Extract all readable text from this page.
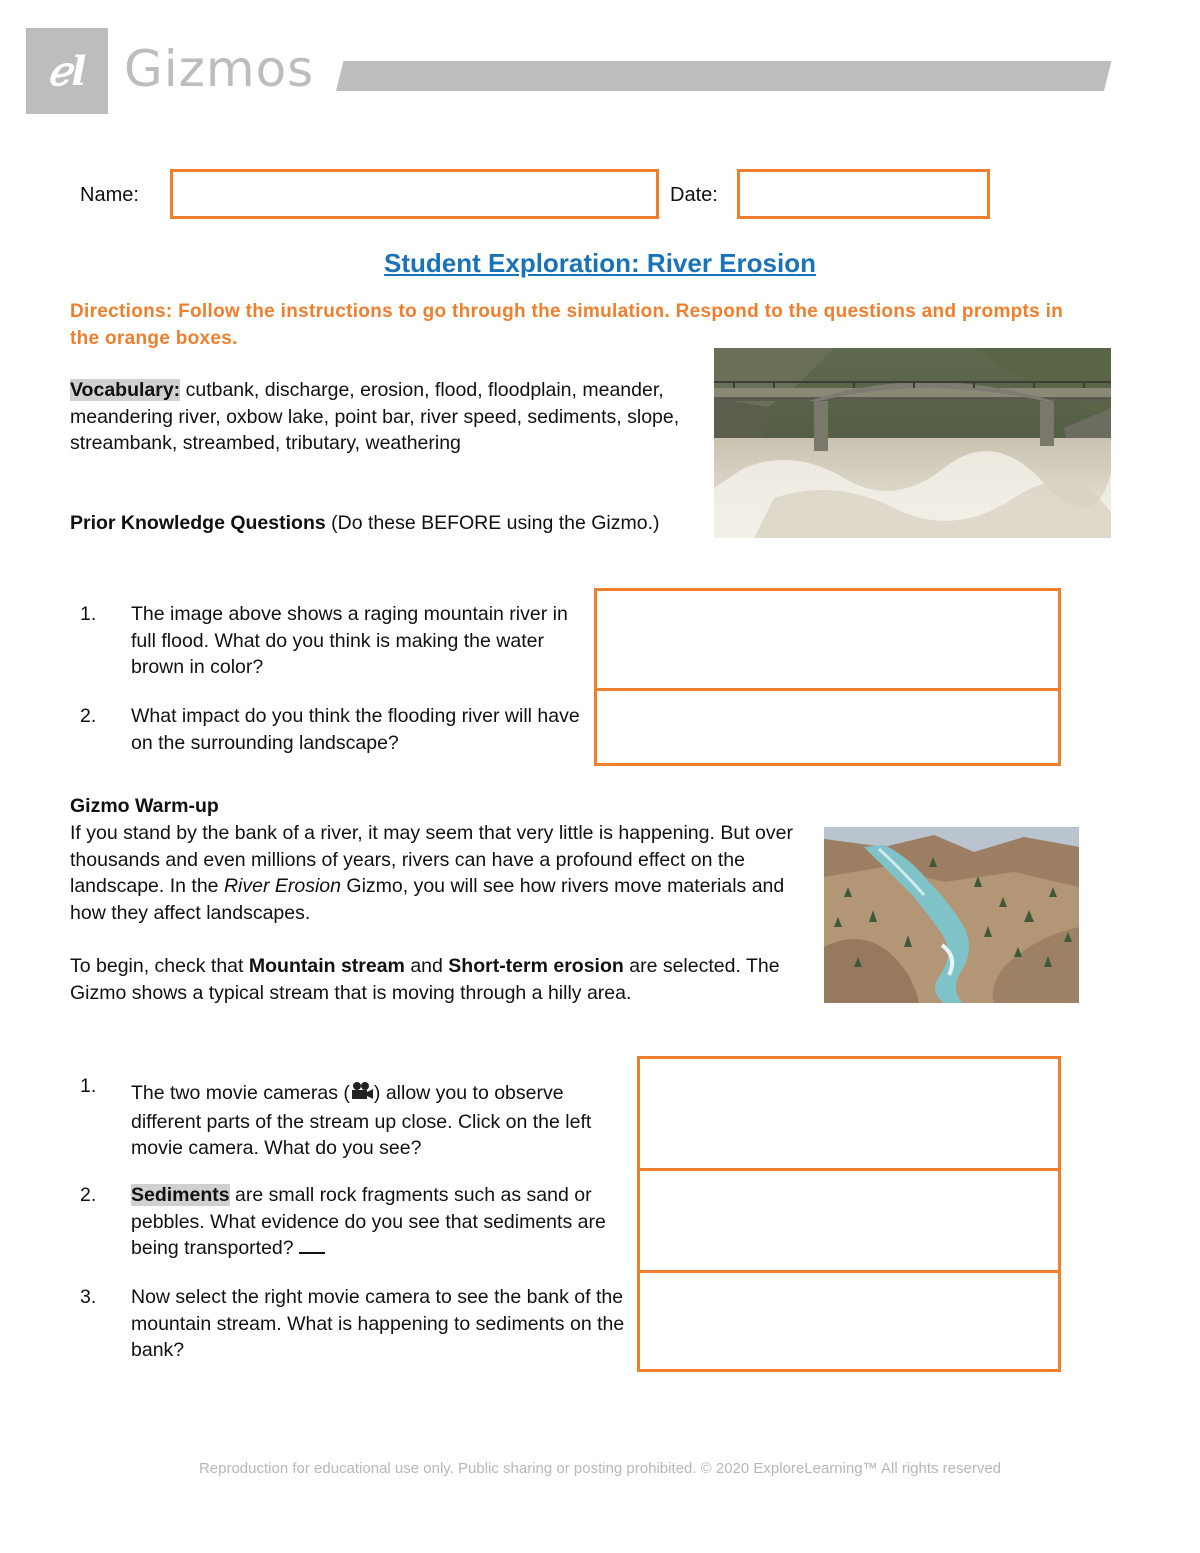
ℯl Gizmos
Name:	Date:
Student Exploration: River Erosion
Directions: Follow the instructions to go through the simulation. Respond to the questions and prompts in the orange boxes.
Vocabulary: cutbank, discharge, erosion, flood, floodplain, meander, meandering river, oxbow lake, point bar, river speed, sediments, slope, streambank, streambed, tributary, weathering
Prior Knowledge Questions (Do these BEFORE using the Gizmo.)
1.	The image above shows a raging mountain river in full flood. What do you think is making the water brown in color?
2.	What impact do you think the flooding river will have on the surrounding landscape?
Gizmo Warm-up
If you stand by the bank of a river, it may seem that very little is happening. But over thousands and even millions of years, rivers can have a profound effect on the landscape. In the River Erosion Gizmo, you will see how rivers move materials and how they affect landscapes.
To begin, check that Mountain stream and Short-term erosion are selected. The Gizmo shows a typical stream that is moving through a hilly area.
1.	The two movie cameras ( ) allow you to observe different parts of the stream up close. Click on the left movie camera. What do you see?
2.	Sediments are small rock fragments such as sand or pebbles. What evidence do you see that sediments are being transported?
3.	Now select the right movie camera to see the bank of the mountain stream. What is happening to sediments on the bank?
Reproduction for educational use only. Public sharing or posting prohibited. © 2020 ExploreLearning™ All rights reserved
